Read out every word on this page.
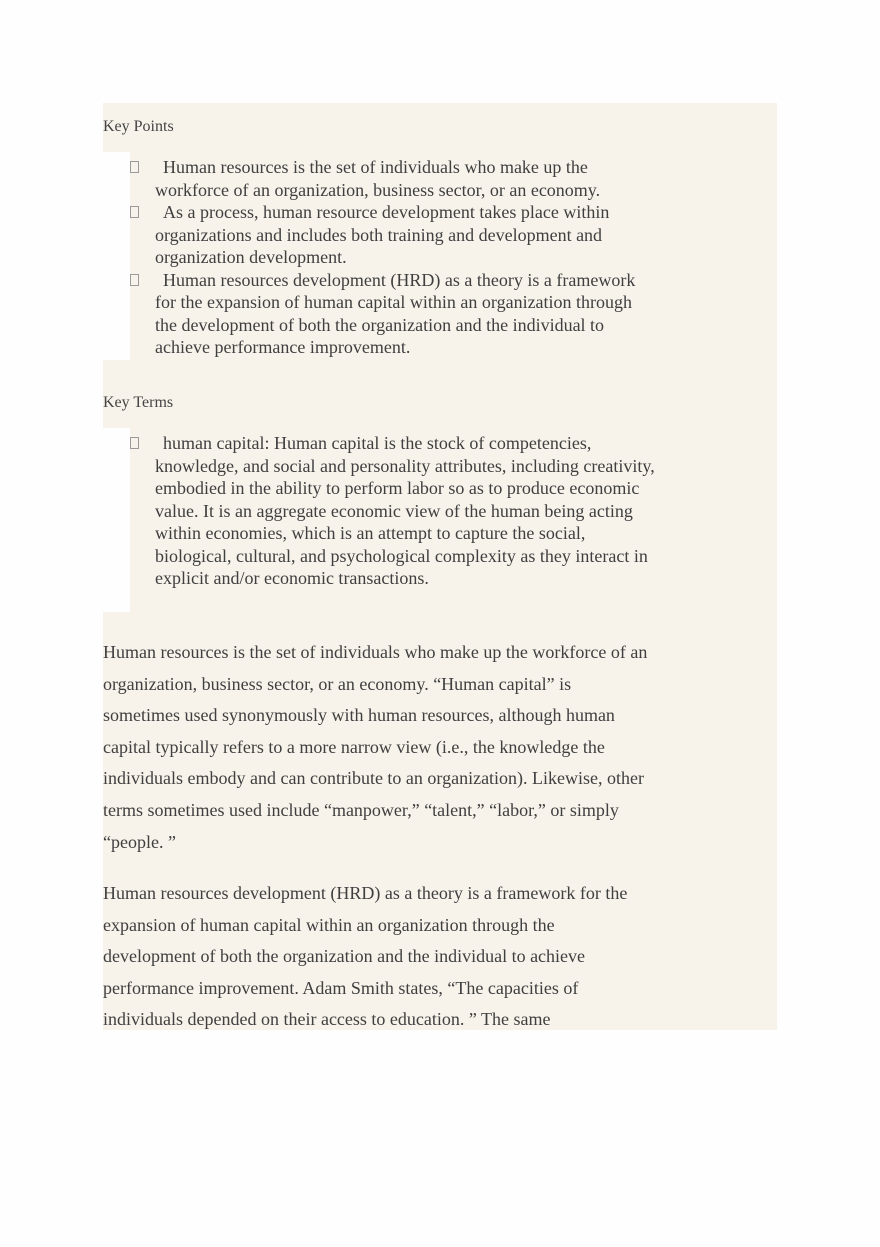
Key Points
Human resources is the set of individuals who make up the workforce of an organization, business sector, or an economy.
As a process, human resource development takes place within organizations and includes both training and development and organization development.
Human resources development (HRD) as a theory is a framework for the expansion of human capital within an organization through the development of both the organization and the individual to achieve performance improvement.
Key Terms
human capital: Human capital is the stock of competencies, knowledge, and social and personality attributes, including creativity, embodied in the ability to perform labor so as to produce economic value. It is an aggregate economic view of the human being acting within economies, which is an attempt to capture the social, biological, cultural, and psychological complexity as they interact in explicit and/or economic transactions.

Human resources is the set of individuals who make up the workforce of an organization, business sector, or an economy. “Human capital” is sometimes used synonymously with human resources, although human capital typically refers to a more narrow view (i.e., the knowledge the individuals embody and can contribute to an organization). Likewise, other terms sometimes used include “manpower,” “talent,” “labor,” or simply “people. ”

Human resources development (HRD) as a theory is a framework for the expansion of human capital within an organization through the development of both the organization and the individual to achieve performance improvement. Adam Smith states, “The capacities of individuals depended on their access to education. ” The same
